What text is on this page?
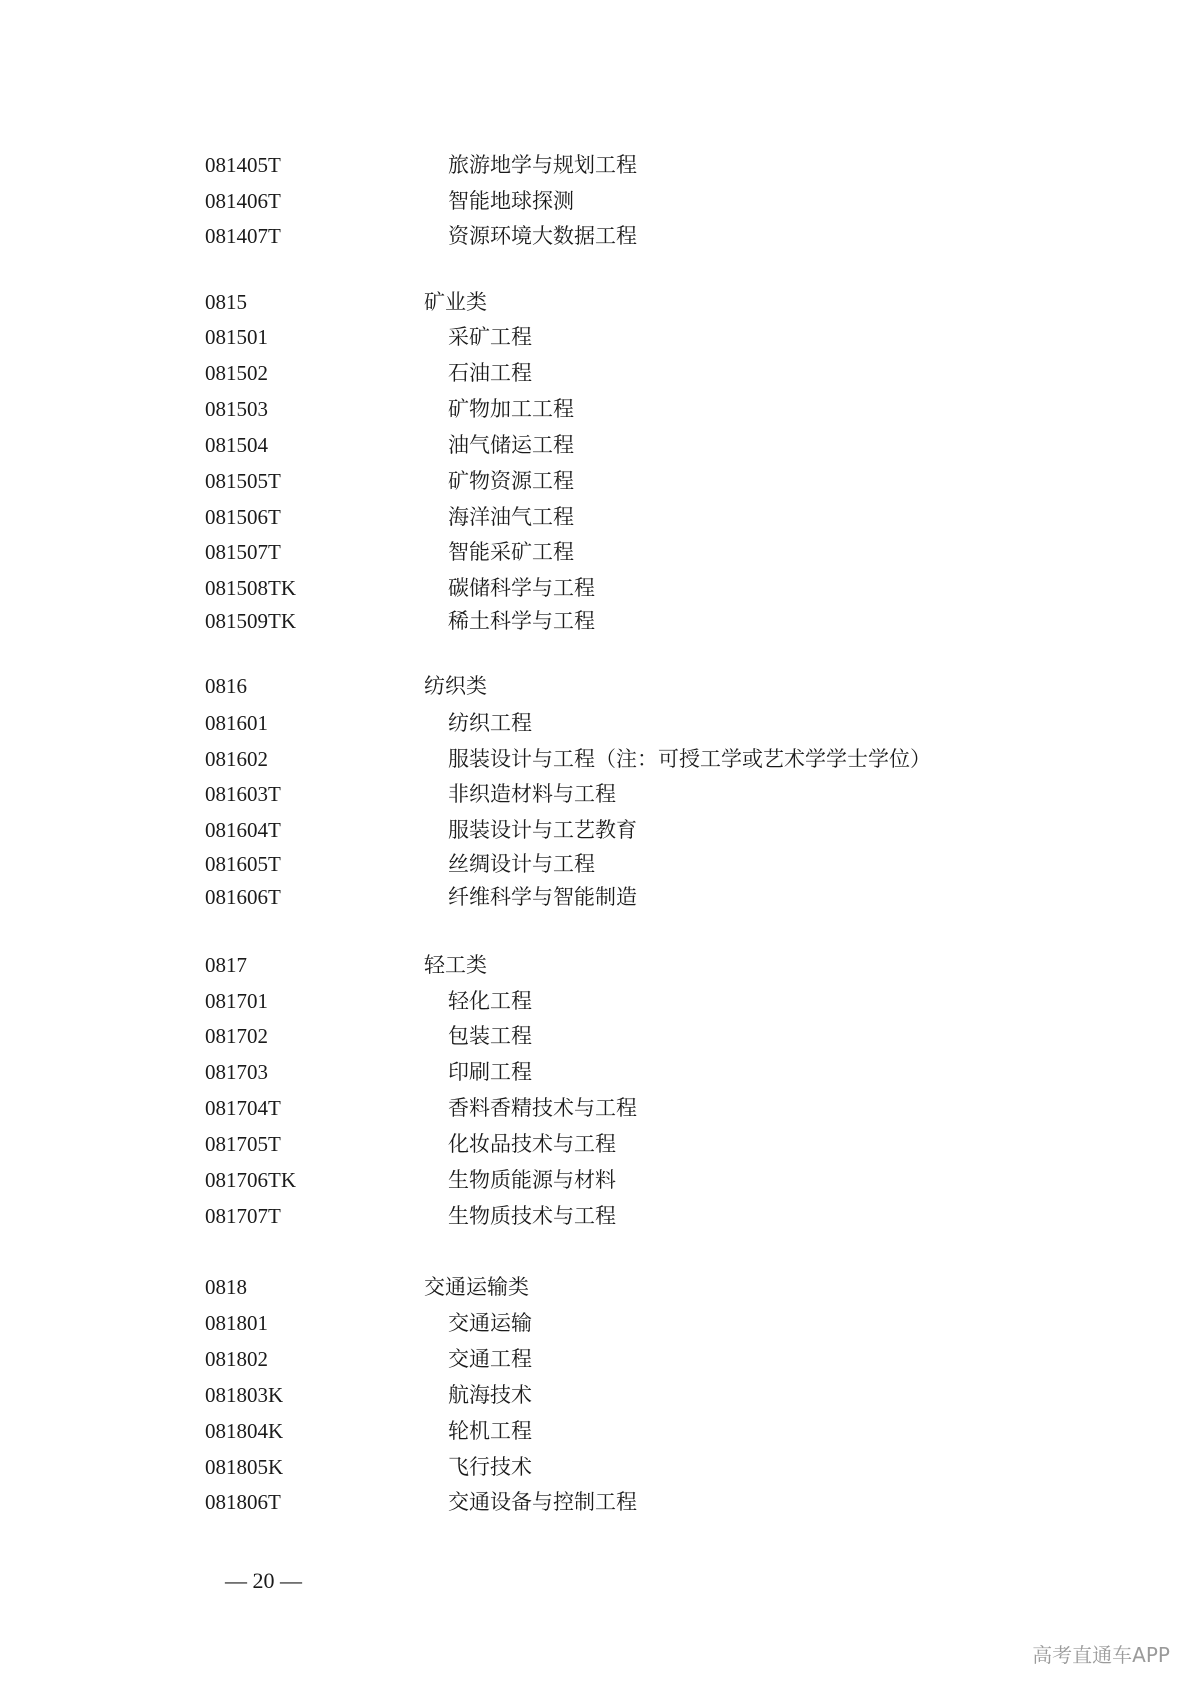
081405T	旅游地学与规划工程
081406T	智能地球探测
081407T	资源环境大数据工程
0815	矿业类
081501	采矿工程
081502	石油工程
081503	矿物加工工程
081504	油气储运工程
081505T	矿物资源工程
081506T	海洋油气工程
081507T	智能采矿工程
081508TK	碳储科学与工程
081509TK	稀土科学与工程
0816	纺织类
081601	纺织工程
081602	服装设计与工程（注：可授工学或艺术学学士学位）
081603T	非织造材料与工程
081604T	服装设计与工艺教育
081605T	丝绸设计与工程
081606T	纤维科学与智能制造
0817	轻工类
081701	轻化工程
081702	包装工程
081703	印刷工程
081704T	香料香精技术与工程
081705T	化妆品技术与工程
081706TK	生物质能源与材料
081707T	生物质技术与工程
0818	交通运输类
081801	交通运输
081802	交通工程
081803K	航海技术
081804K	轮机工程
081805K	飞行技术
081806T	交通设备与控制工程
— 20 —
高考直通车APP
